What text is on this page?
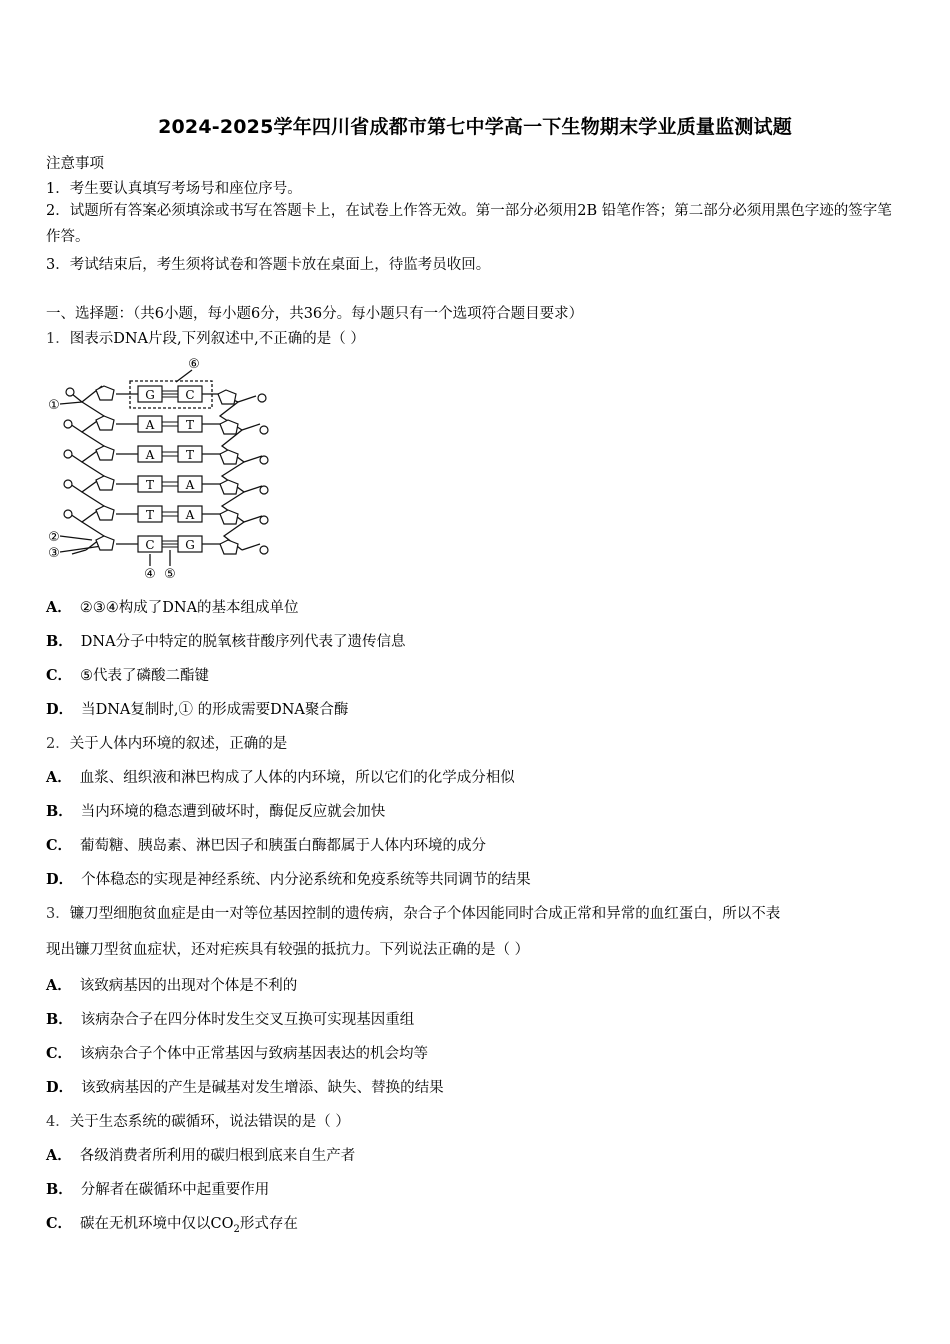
2024-2025学年四川省成都市第七中学高一下生物期末学业质量监测试题
注意事项
1．考生要认真填写考场号和座位序号。
2．试题所有答案必须填涂或书写在答题卡上，在试卷上作答无效。第一部分必须用2B 铅笔作答；第二部分必须用黑色字迹的签字笔作答。
3．考试结束后，考生须将试卷和答题卡放在桌面上，待监考员收回。
一、选择题：（共6小题，每小题6分，共36分。每小题只有一个选项符合题目要求）
1．图表示DNA片段,下列叙述中,不正确的是（ ）
G	C
A	T
A	T
T	A
T	A
C	G
①
②
③
④ ⑤
⑥
A． ②③④构成了DNA的基本组成单位
B． DNA分子中特定的脱氧核苷酸序列代表了遗传信息
C． ⑤代表了磷酸二酯键
D． 当DNA复制时,① 的形成需要DNA聚合酶
2．关于人体内环境的叙述，正确的是
A． 血浆、组织液和淋巴构成了人体的内环境，所以它们的化学成分相似
B． 当内环境的稳态遭到破坏时，酶促反应就会加快
C． 葡萄糖、胰岛素、淋巴因子和胰蛋白酶都属于人体内环境的成分
D． 个体稳态的实现是神经系统、内分泌系统和免疫系统等共同调节的结果
3．镰刀型细胞贫血症是由一对等位基因控制的遗传病，杂合子个体因能同时合成正常和异常的血红蛋白，所以不表
现出镰刀型贫血症状，还对疟疾具有较强的抵抗力。下列说法正确的是（ ）
A． 该致病基因的出现对个体是不利的
B． 该病杂合子在四分体时发生交叉互换可实现基因重组
C． 该病杂合子个体中正常基因与致病基因表达的机会均等
D． 该致病基因的产生是碱基对发生增添、缺失、替换的结果
4．关于生态系统的碳循环，说法错误的是（ ）
A． 各级消费者所利用的碳归根到底来自生产者
B． 分解者在碳循环中起重要作用
C． 碳在无机环境中仅以$CO_2$形式存在
